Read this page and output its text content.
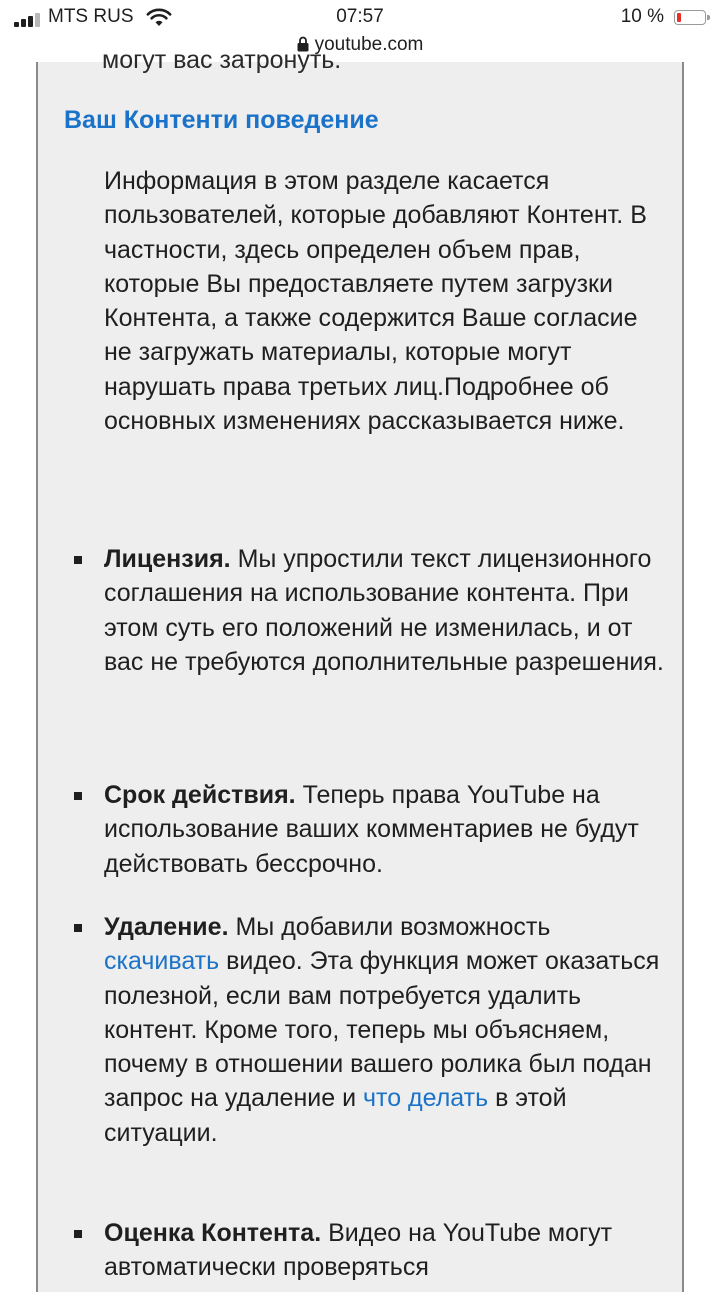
MTS RUS	07:57	10 %
youtube.com
могут вас затронуть.
Ваш Контенти поведение

Информация в этом разделе касается пользователей, которые добавляют Контент. В частности, здесь определен объем прав, которые Вы предоставляете путем загрузки Контента, а также содержится Ваше согласие не загружать материалы, которые могут нарушать права третьих лиц.Подробнее об основных изменениях рассказывается ниже.

Лицензия. Мы упростили текст лицензионного соглашения на использование контента. При этом суть его положений не изменилась, и от вас не требуются дополнительные разрешения.

Срок действия. Теперь права YouTube на использование ваших комментариев не будут действовать бессрочно.

Удаление. Мы добавили возможность скачивать видео. Эта функция может оказаться полезной, если вам потребуется удалить контент. Кроме того, теперь мы объясняем, почему в отношении вашего ролика был подан запрос на удаление и что делать в этой ситуации.

Оценка Контента. Видео на YouTube могут автоматически проверяться
